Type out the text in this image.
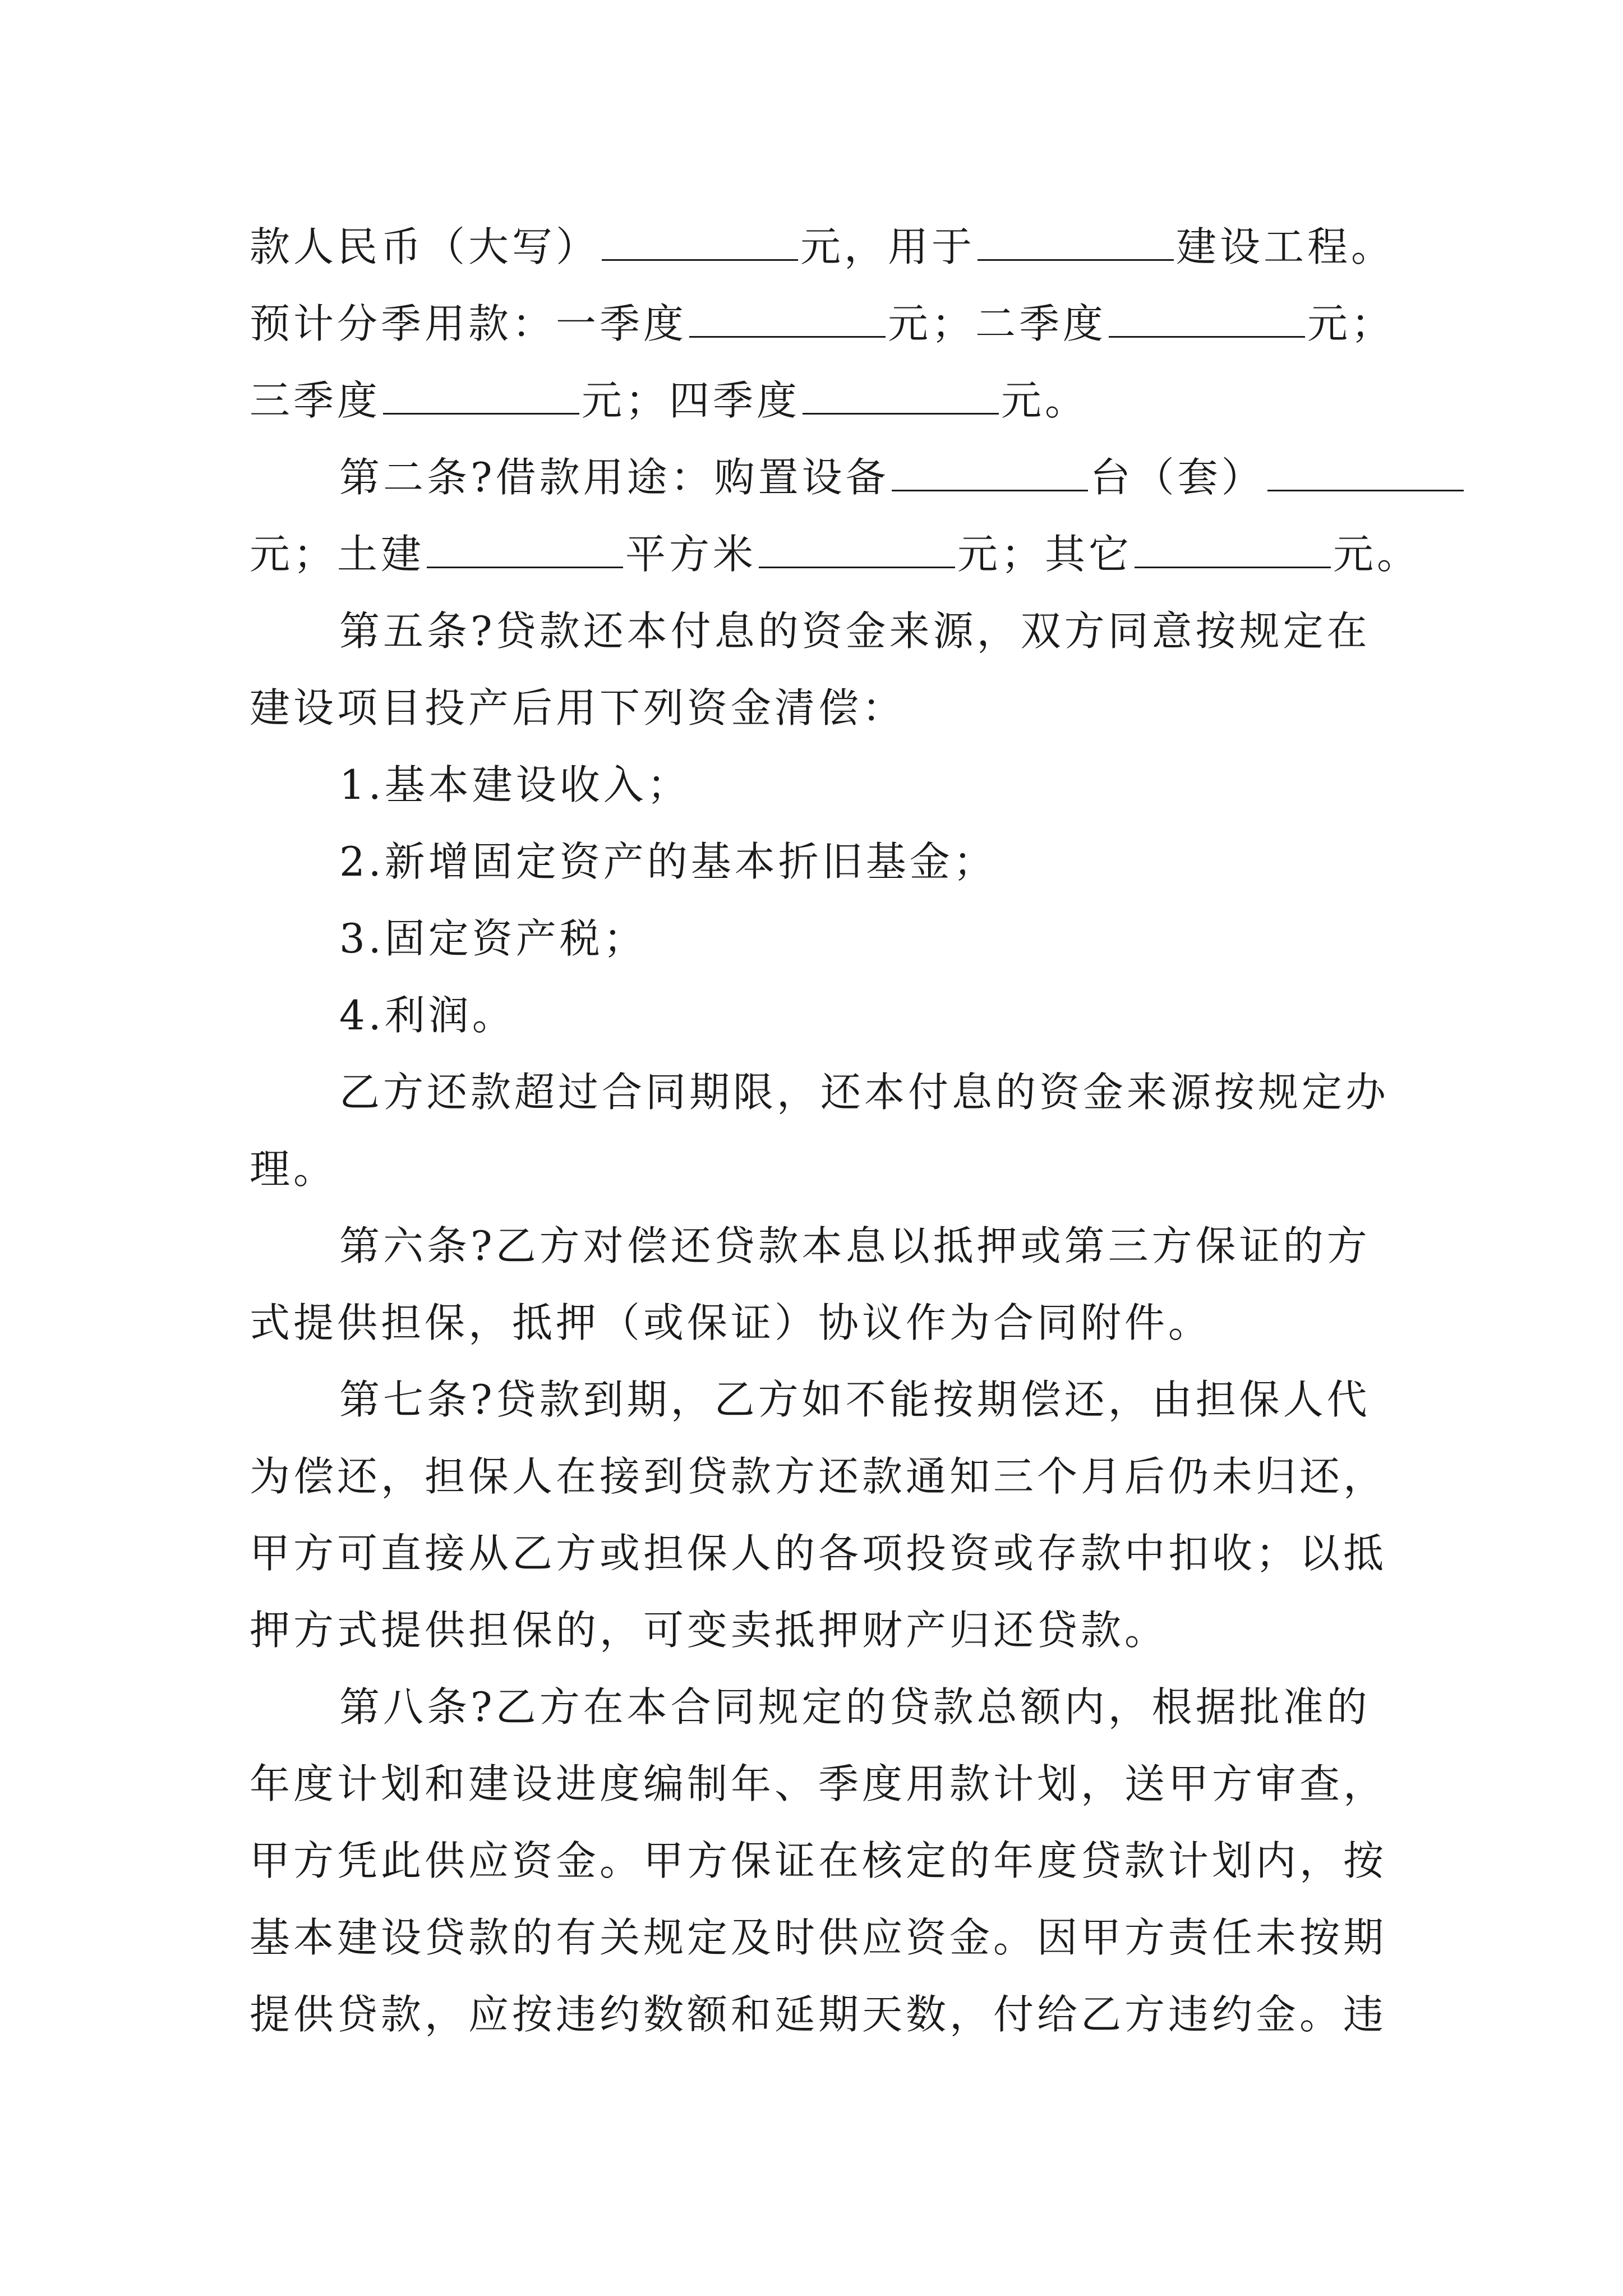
款人民币（大写）	元，用于	建设工程。
预计分季用款：一季度	元；二季度	元；
三季度	元；四季度	元。
第二条?借款用途：购置设备	台（套）
元；土建	平方米	元；其它	元。
第五条?贷款还本付息的资金来源，双方同意按规定在
建设项目投产后用下列资金清偿：
1.基本建设收入；
2.新增固定资产的基本折旧基金；
3.固定资产税；
4.利润。
乙方还款超过合同期限，还本付息的资金来源按规定办
理。
第六条?乙方对偿还贷款本息以抵押或第三方保证的方
式提供担保，抵押（或保证）协议作为合同附件。
第七条?贷款到期，乙方如不能按期偿还，由担保人代
为偿还，担保人在接到贷款方还款通知三个月后仍未归还，
甲方可直接从乙方或担保人的各项投资或存款中扣收；以抵
押方式提供担保的，可变卖抵押财产归还贷款。
第八条?乙方在本合同规定的贷款总额内，根据批准的
年度计划和建设进度编制年、季度用款计划，送甲方审查，
甲方凭此供应资金。甲方保证在核定的年度贷款计划内，按
基本建设贷款的有关规定及时供应资金。因甲方责任未按期
提供贷款，应按违约数额和延期天数，付给乙方违约金。违
